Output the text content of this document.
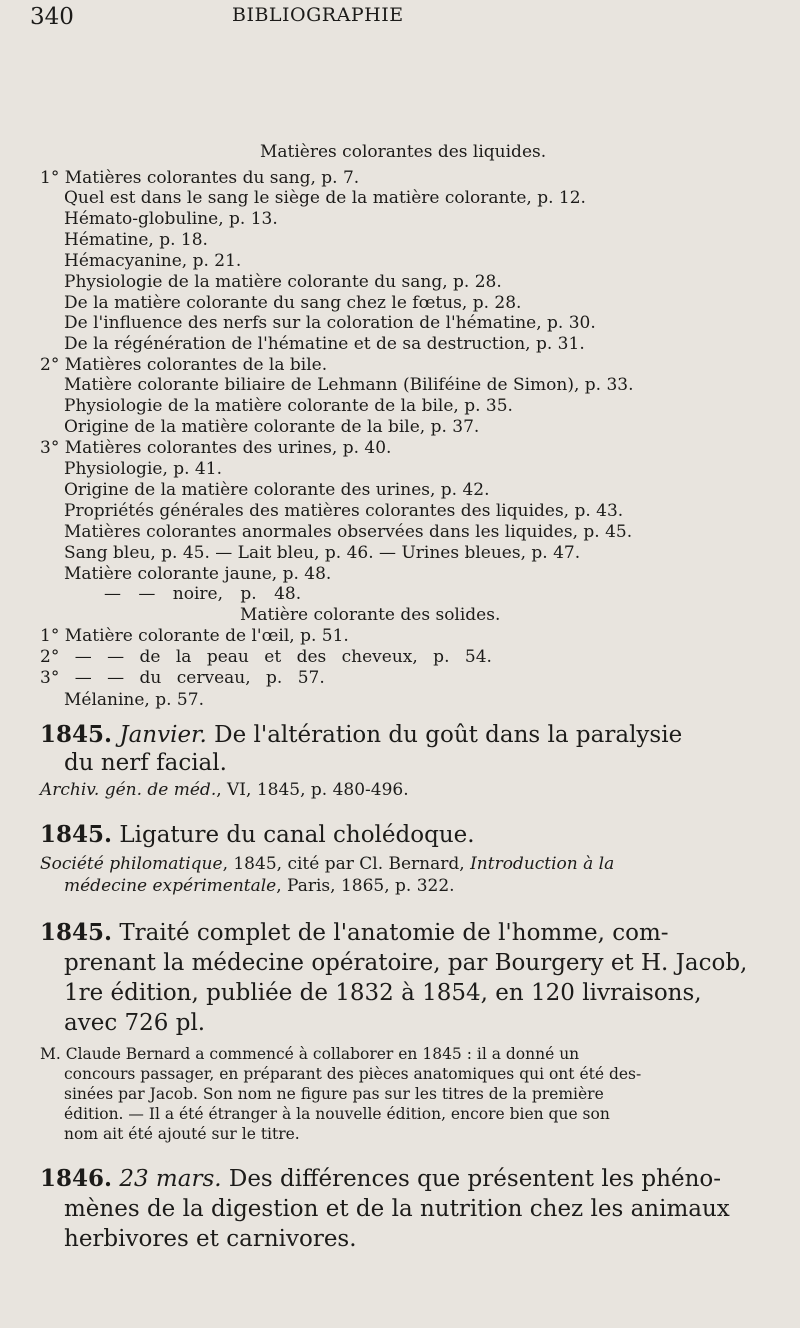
340	BIBLIOGRAPHIE
Matières colorantes des liquides.
1° Matières colorantes du sang, p. 7.
Quel est dans le sang le siège de la matière colorante, p. 12.
Hémato-globuline, p. 13.
Hématine, p. 18.
Hémacyanine, p. 21.
Physiologie de la matière colorante du sang, p. 28.
De la matière colorante du sang chez le fœtus, p. 28.
De l'influence des nerfs sur la coloration de l'hématine, p. 30.
De la régénération de l'hématine et de sa destruction, p. 31.
2° Matières colorantes de la bile.
Matière colorante biliaire de Lehmann (Biliféine de Simon), p. 33.
Physiologie de la matière colorante de la bile, p. 35.
Origine de la matière colorante de la bile, p. 37.
3° Matières colorantes des urines, p. 40.
Physiologie, p. 41.
Origine de la matière colorante des urines, p. 42.
Propriétés générales des matières colorantes des liquides, p. 43.
Matières colorantes anormales observées dans les liquides, p. 45.
Sang bleu, p. 45. — Lait bleu, p. 46. — Urines bleues, p. 47.
Matière colorante jaune, p. 48.
— — noire, p. 48.
Matière colorante des solides.
1° Matière colorante de l'œil, p. 51.
2° — — de la peau et des cheveux, p. 54.
3° — — du cerveau, p. 57.
Mélanine, p. 57.
1845. Janvier. De l'altération du goût dans la paralysie
du nerf facial.
Archiv. gén. de méd., VI, 1845, p. 480-496.
1845. Ligature du canal cholédoque.
Société philomatique, 1845, cité par Cl. Bernard, Introduction à la
médecine expérimentale, Paris, 1865, p. 322.
1845. Traité complet de l'anatomie de l'homme, com-
prenant la médecine opératoire, par Bourgery et H. Jacob,
1re édition, publiée de 1832 à 1854, en 120 livraisons,
avec 726 pl.
M. Claude Bernard a commencé à collaborer en 1845 : il a donné un
concours passager, en préparant des pièces anatomiques qui ont été des-
sinées par Jacob. Son nom ne figure pas sur les titres de la première
édition. — Il a été étranger à la nouvelle édition, encore bien que son
nom ait été ajouté sur le titre.
1846. 23 mars. Des différences que présentent les phéno-
mènes de la digestion et de la nutrition chez les animaux
herbivores et carnivores.
